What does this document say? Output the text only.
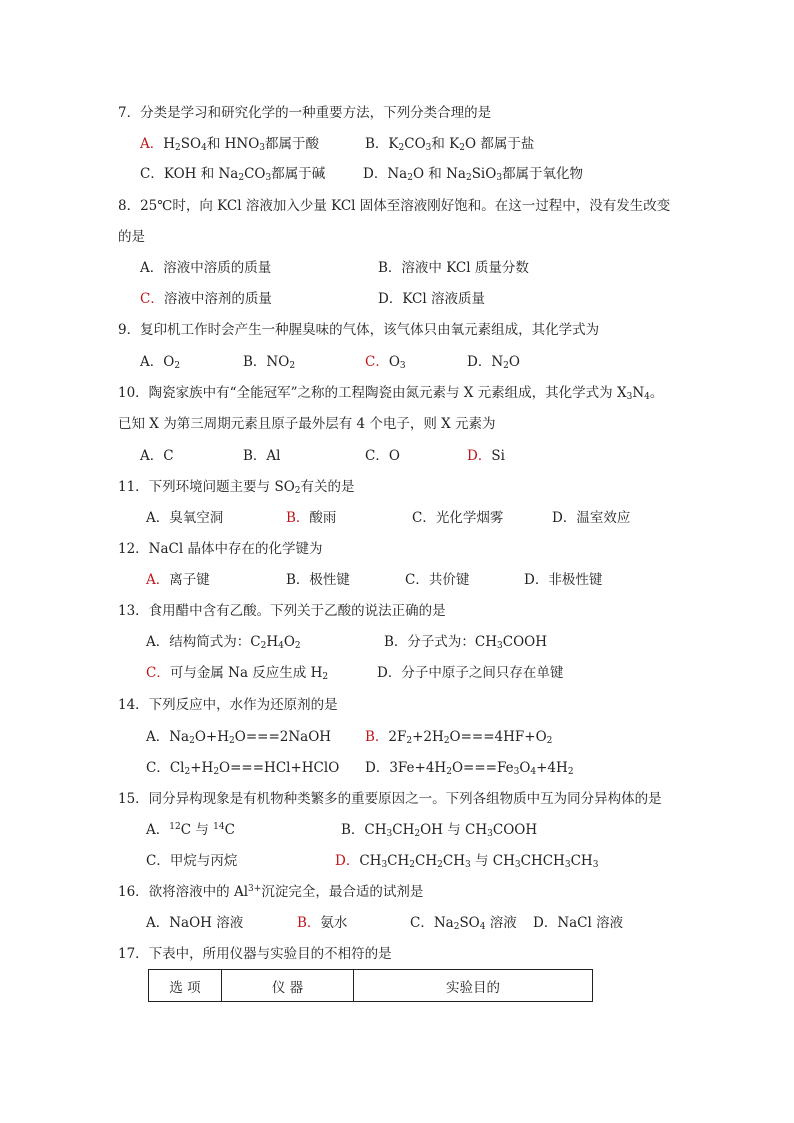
7．分类是学习和研究化学的一种重要方法，下列分类合理的是
A．$H_2SO_4$和 $HNO_3$都属于酸	B．$K_2CO_3$和 $K_2O$ 都属于盐
C．KOH 和 $Na_2CO_3$都属于碱	D．$Na_2O$ 和 $Na_2SiO_3$都属于氧化物
8．25℃时，向 KCl 溶液加入少量 KCl 固体至溶液刚好饱和。在这一过程中，没有发生改变
的是
A．溶液中溶质的质量	B．溶液中 KCl 质量分数
C．溶液中溶剂的质量	D．KCl 溶液质量
9．复印机工作时会产生一种腥臭味的气体，该气体只由氧元素组成，其化学式为
A．$O_2$	B．$NO_2$	C．$O_3$	D．$N_2O$
10．陶瓷家族中有“全能冠军”之称的工程陶瓷由氮元素与 X 元素组成，其化学式为 $X_3N_4$。
已知 X 为第三周期元素且原子最外层有 4 个电子，则 X 元素为
A．C	B．Al	C．O	D．Si
11．下列环境问题主要与 $SO_2$有关的是
A．臭氧空洞	B．酸雨	C．光化学烟雾	D．温室效应
12．NaCl 晶体中存在的化学键为
A．离子键	B．极性键	C．共价键	D．非极性键
13．食用醋中含有乙酸。下列关于乙酸的说法正确的是
A．结构简式为：$C_2H_4O_2$	B．分子式为：$CH_3COOH$
C．可与金属 Na 反应生成 $H_2$	D．分子中原子之间只存在单键
14．下列反应中，水作为还原剂的是
A．$Na_2O+H_2O===2NaOH$	B．$2F_2+2H_2O===4HF+O_2$
C．$Cl_2+H_2O===HCl+HClO$ D．$3Fe+4H_2O===Fe_3O_4+4H_2$
15．同分异构现象是有机物种类繁多的重要原因之一。下列各组物质中互为同分异构体的是
A．$^{12}$C 与 $^{14}$C	B．$CH_3CH_2OH$ 与 $CH_3COOH$
C．甲烷与丙烷	D．$CH_3CH_2CH_2CH_3$ 与 $CH_3CHCH_3CH_3$
16．欲将溶液中的 $Al^{3+}$沉淀完全，最合适的试剂是
A．NaOH 溶液	B．氨水	C．$Na_2SO_4$ 溶液 D．NaCl 溶液
17．下表中，所用仪器与实验目的不相符的是
选 项	仪 器	实验目的
